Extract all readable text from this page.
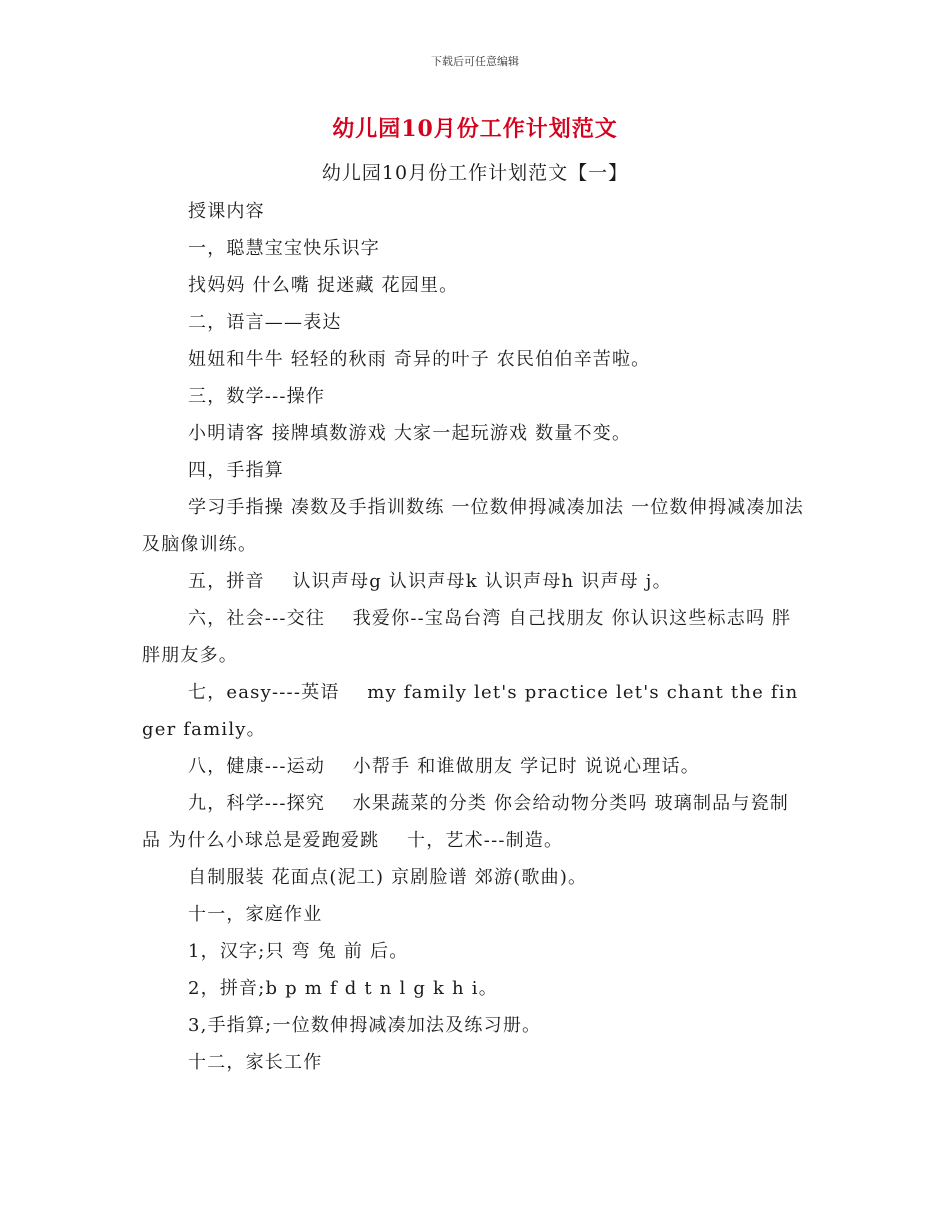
下载后可任意编辑
幼儿园10月份工作计划范文
幼儿园10月份工作计划范文【一】

授课内容

一，聪慧宝宝快乐识字

找妈妈 什么嘴 捉迷藏 花园里。

二，语言——表达

妞妞和牛牛 轻轻的秋雨 奇异的叶子 农民伯伯辛苦啦。

三，数学---操作

小明请客 接牌填数游戏 大家一起玩游戏 数量不变。

四，手指算

学习手指操 凑数及手指训数练 一位数伸拇减凑加法 一位数伸拇减凑加法及脑像训练。

五，拼音    认识声母g 认识声母k 认识声母h 识声母 j。

六，社会---交往    我爱你--宝岛台湾 自己找朋友 你认识这些标志吗 胖胖朋友多。

七，easy----英语    my family let's practice let's chant the finger family。

八，健康---运动    小帮手 和谁做朋友 学记时 说说心理话。

九，科学---探究    水果蔬菜的分类 你会给动物分类吗 玻璃制品与瓷制品 为什么小球总是爱跑爱跳    十，艺术---制造。

自制服装 花面点(泥工) 京剧脸谱 郊游(歌曲)。

十一，家庭作业

1，汉字;只 弯 兔 前 后。

2，拼音;b p m f d t n l g k h i。

3,手指算;一位数伸拇减凑加法及练习册。

十二，家长工作
